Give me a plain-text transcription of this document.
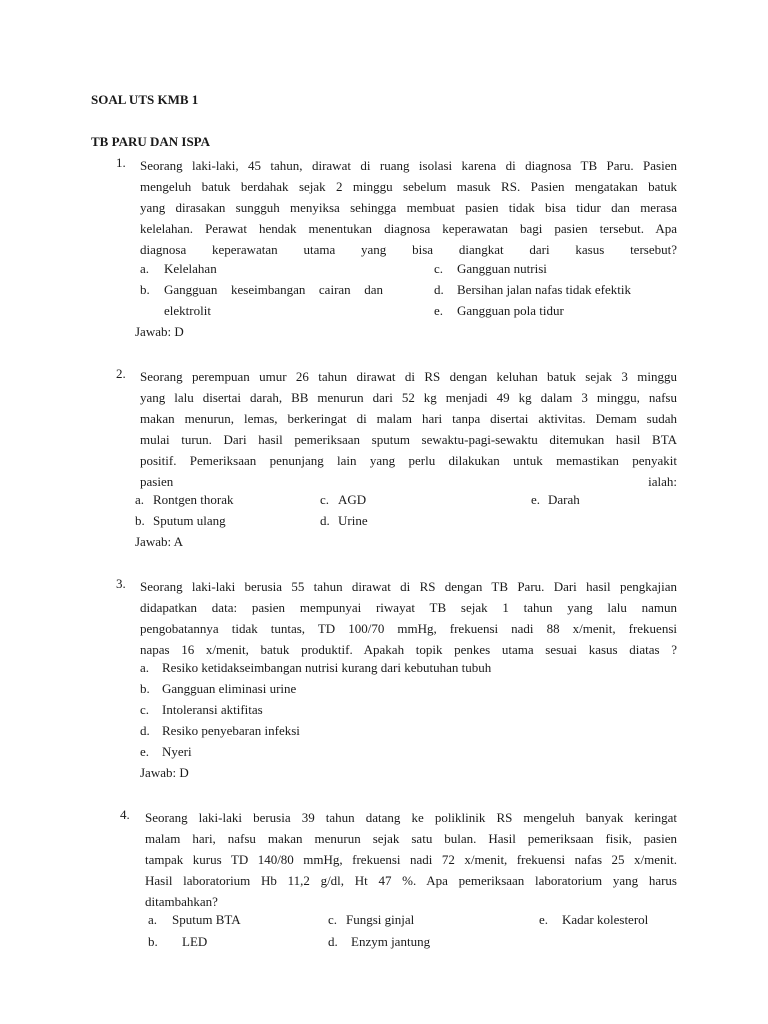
SOAL UTS KMB 1
TB PARU DAN ISPA
1. Seorang laki-laki, 45 tahun, dirawat di ruang isolasi karena di diagnosa TB Paru. Pasien
mengeluh batuk berdahak sejak 2 minggu sebelum masuk RS. Pasien mengatakan batuk
yang dirasakan sungguh menyiksa sehingga membuat pasien tidak bisa tidur dan merasa
kelelahan. Perawat hendak menentukan diagnosa keperawatan bagi pasien tersebut. Apa
diagnosa keperawatan utama yang bisa diangkat dari kasus tersebut?
a. Kelelahan
b. Gangguan keseimbangan cairan dan
elektrolit
c. Gangguan nutrisi
d. Bersihan jalan nafas tidak efektik
e. Gangguan pola tidur
Jawab: D
2. Seorang perempuan umur 26 tahun dirawat di RS dengan keluhan batuk sejak 3 minggu
yang lalu disertai darah, BB menurun dari 52 kg menjadi 49 kg dalam 3 minggu, nafsu
makan menurun, lemas, berkeringat di malam hari tanpa disertai aktivitas. Demam sudah
mulai turun. Dari hasil pemeriksaan sputum sewaktu-pagi-sewaktu ditemukan hasil BTA
positif. Pemeriksaan penunjang lain yang perlu dilakukan untuk memastikan penyakit
pasien ialah:
a. Rontgen thorak
b. Sputum ulang
c. AGD
d. Urine
e. Darah
Jawab: A
3. Seorang laki-laki berusia 55 tahun dirawat di RS dengan TB Paru. Dari hasil pengkajian
didapatkan data: pasien mempunyai riwayat TB sejak 1 tahun yang lalu namun
pengobatannya tidak tuntas, TD 100/70 mmHg, frekuensi nadi 88 x/menit, frekuensi
napas 16 x/menit, batuk produktif. Apakah topik penkes utama sesuai kasus diatas ?
a. Resiko ketidakseimbangan nutrisi kurang dari kebutuhan tubuh
b. Gangguan eliminasi urine
c. Intoleransi aktifitas
d. Resiko penyebaran infeksi
e. Nyeri
Jawab: D
4. Seorang laki-laki berusia 39 tahun datang ke poliklinik RS mengeluh banyak keringat
malam hari, nafsu makan menurun sejak satu bulan. Hasil pemeriksaan fisik, pasien
tampak kurus TD 140/80 mmHg, frekuensi nadi 72 x/menit, frekuensi nafas 25 x/menit.
Hasil laboratorium Hb 11,2 g/dl, Ht 47 %. Apa pemeriksaan laboratorium yang harus
ditambahkan?
a. Sputum BTA
b. LED
c. Fungsi ginjal
d. Enzym jantung
e. Kadar kolesterol
